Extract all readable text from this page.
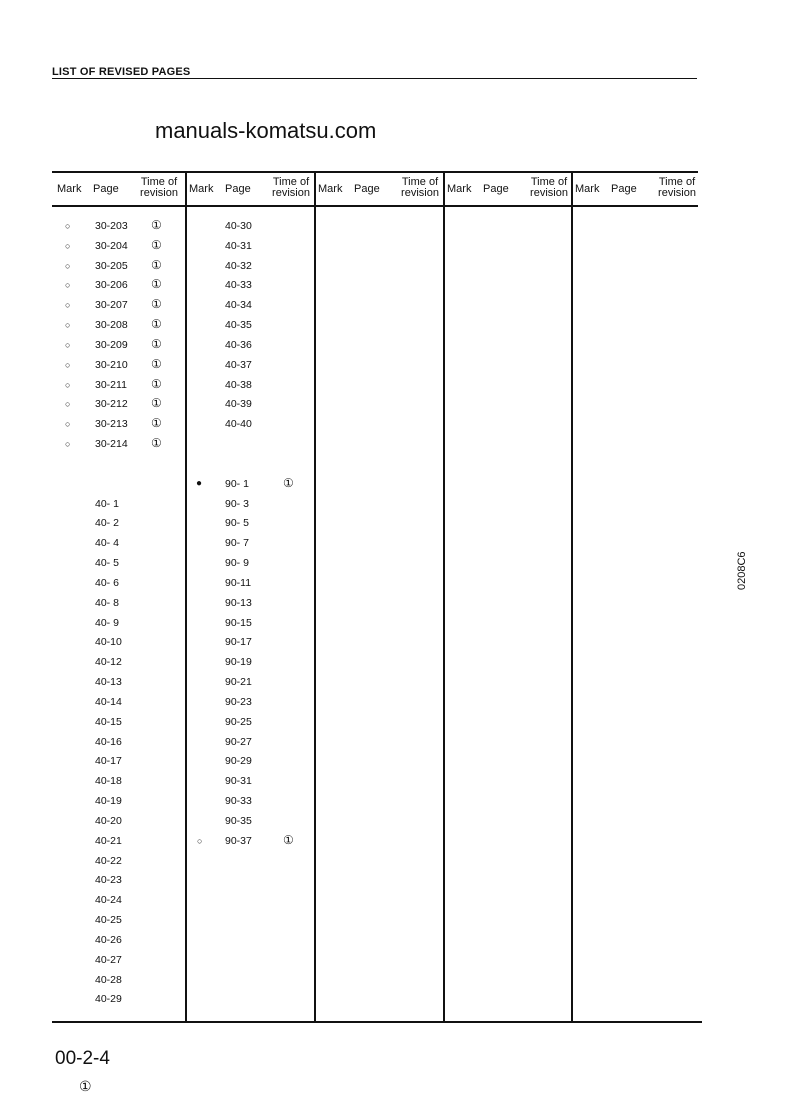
LIST OF REVISED PAGES
Mark Page
Time of
revision
○ 30-203 ①
○ 30-204 ①
○ 30-205 ①
○ 30-206 ①
○ 30-207 ①
○ 30-208 ①
○ 30-209 ①
○ 30-210 ①
○ 30-211 ①
○ 30-212 ①
○ 30-213 ①
○ 30-214 ①
40- 1
40- 2
40- 4
40- 5
40- 6
40- 8
40- 9
40-10
40-12
40-13
40-14
40-15
40-16
40-17
40-18
40-19
40-20
40-21
40-22
40-23
40-24
40-25
40-26
40-27
40-28
40-29
Mark Page
Time of
revision
40-30
40-31
40-32
40-33
40-34
40-35
40-36
40-37
40-38
40-39
40-40
● 90- 1	①
90- 3
90- 5
90- 7
90- 9
90-11
90-13
90-15
90-17
90-19
90-21
90-23
90-25
90-27
90-29
90-31
90-33
90-35
○ 90-37	①
Mark Page
Time of
revision Mark Page
Time of
revision Mark Page
Time of
revision
manuals-komatsu.com
0208C6
00-2-4
①
